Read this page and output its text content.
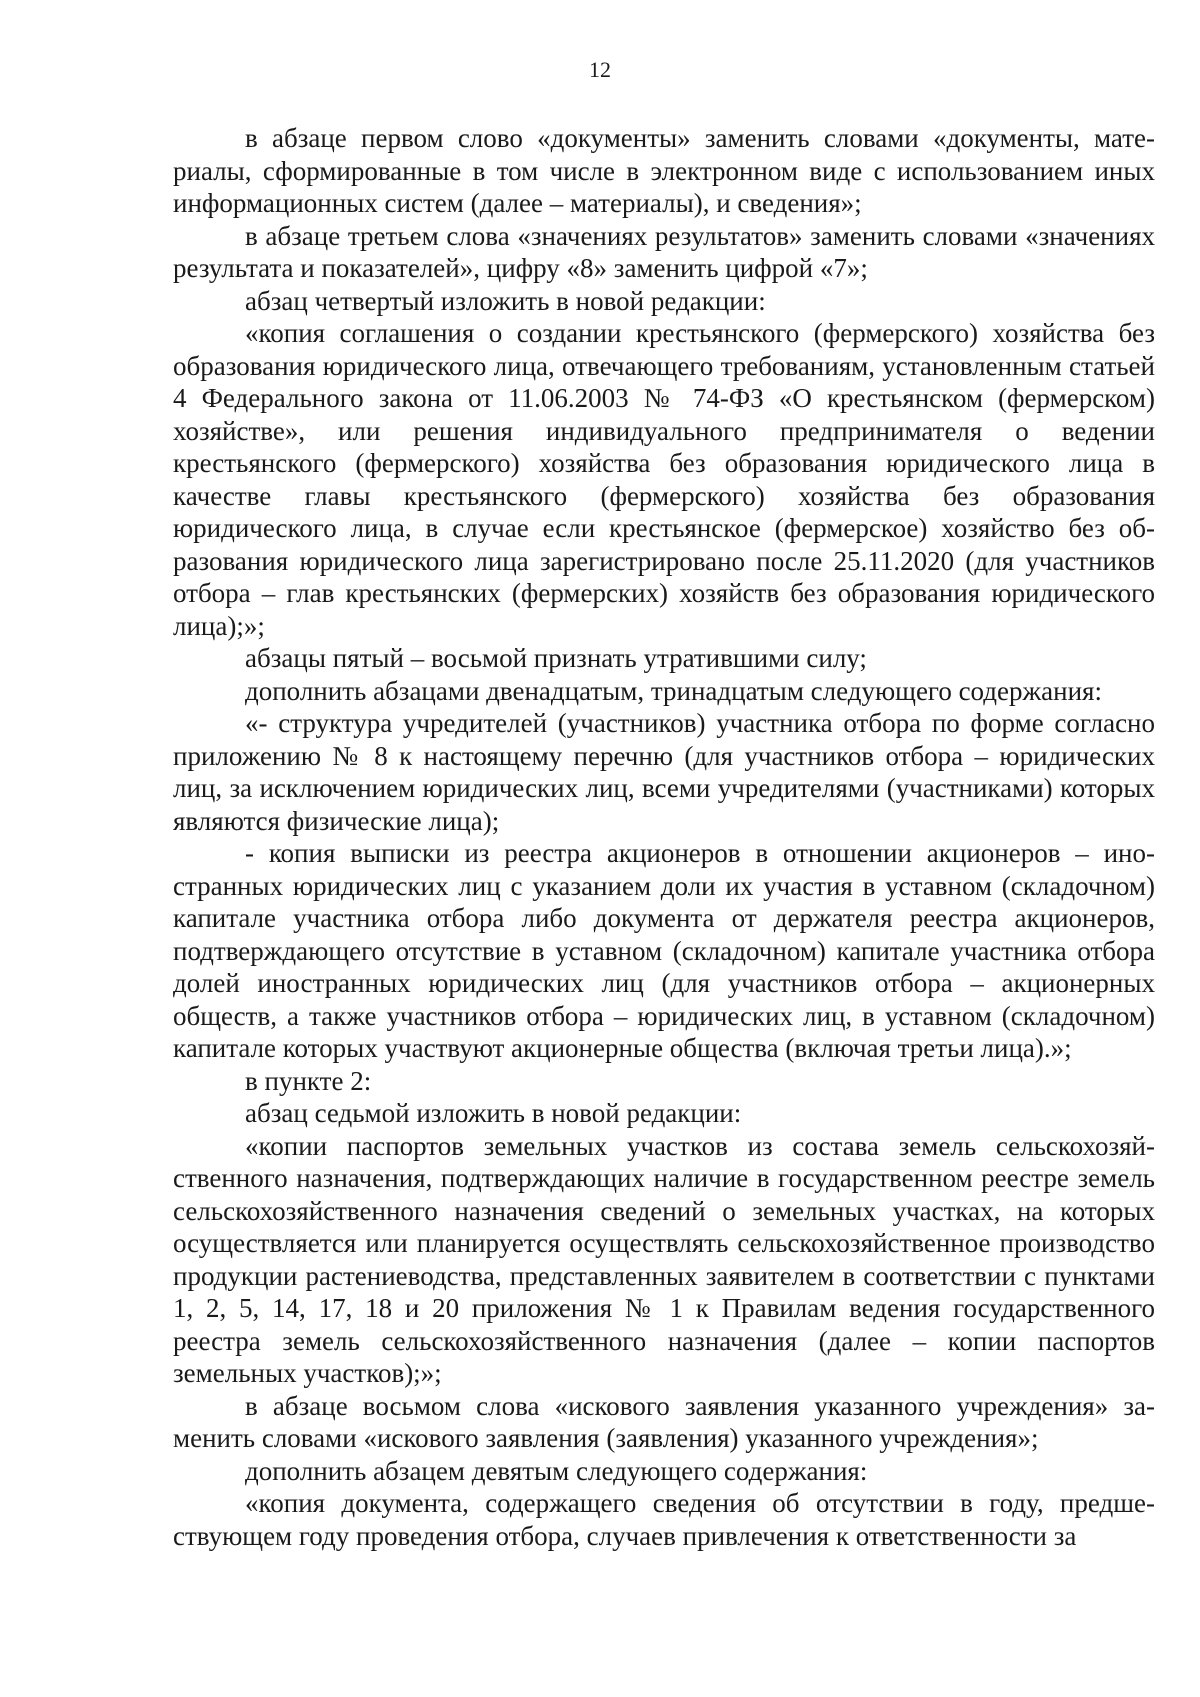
12

в абзаце первом слово «документы» заменить словами «документы, материалы, сформированные в том числе в электронном виде с использованием иных информационных систем (далее – материалы), и сведения»;

в абзаце третьем слова «значениях результатов» заменить словами «значениях результата и показателей», цифру «8» заменить цифрой «7»;

абзац четвертый изложить в новой редакции:

«копия соглашения о создании крестьянского (фермерского) хозяйства без образования юридического лица, отвечающего требованиям, установленным статьей 4 Федерального закона от 11.06.2003 № 74-ФЗ «О крестьянском (фермерском) хозяйстве», или решения индивидуального предпринимателя о ведении крестьянского (фермерского) хозяйства без образования юридического лица в качестве главы крестьянского (фермерского) хозяйства без образования юридического лица, в случае если крестьянское (фермерское) хозяйство без образования юридического лица зарегистрировано после 25.11.2020 (для участников отбора – глав крестьянских (фермерских) хозяйств без образования юридического лица);»;

абзацы пятый – восьмой признать утратившими силу;

дополнить абзацами двенадцатым, тринадцатым следующего содержания:

«- структура учредителей (участников) участника отбора по форме согласно приложению № 8 к настоящему перечню (для участников отбора – юридических лиц, за исключением юридических лиц, всеми учредителями (участниками) которых являются физические лица);

- копия выписки из реестра акционеров в отношении акционеров – иностранных юридических лиц с указанием доли их участия в уставном (складочном) капитале участника отбора либо документа от держателя реестра акционеров, подтверждающего отсутствие в уставном (складочном) капитале участника отбора долей иностранных юридических лиц (для участников отбора – акционерных обществ, а также участников отбора – юридических лиц, в уставном (складочном) капитале которых участвуют акционерные общества (включая третьи лица).»;

в пункте 2:

абзац седьмой изложить в новой редакции:

«копии паспортов земельных участков из состава земель сельскохозяйственного назначения, подтверждающих наличие в государственном реестре земель сельскохозяйственного назначения сведений о земельных участках, на которых осуществляется или планируется осуществлять сельскохозяйственное производство продукции растениеводства, представленных заявителем в соответствии с пунктами 1, 2, 5, 14, 17, 18 и 20 приложения № 1 к Правилам ведения государственного реестра земель сельскохозяйственного назначения (далее – копии паспортов земельных участков);»;

в абзаце восьмом слова «искового заявления указанного учреждения» заменить словами «искового заявления (заявления) указанного учреждения»;

дополнить абзацем девятым следующего содержания:

«копия документа, содержащего сведения об отсутствии в году, предшествующем году проведения отбора, случаев привлечения к ответственности за
